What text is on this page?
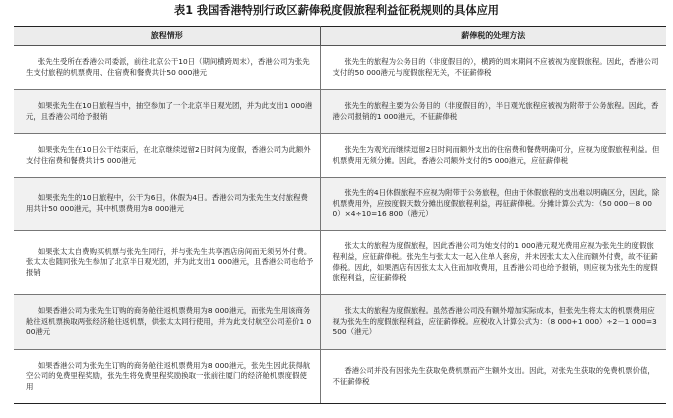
表1 我国香港特别行政区薪俸税度假旅程利益征税规则的具体应用
旅程情形	薪俸税的处理方法

张先生受所在香港公司委派，前往北京公干10日（期间横跨周末），香港公司为张先生支付旅程的机票费用、住宿费和餐费共计50 000港元	张先生的旅程为公务目的（非度假目的），横跨的周末期间不应被视为度假旅程。因此，香港公司支付的50 000港元与度假旅程无关，不征薪俸税

如果张先生在10日旅程当中，抽空参加了一个北京半日观光团，并为此支出1 000港元，且香港公司给予报销	张先生的旅程主要为公务目的（非度假目的），半日观光旅程应被视为附带于公务旅程。因此，香港公司报销的1 000港元，不征薪俸税

如果张先生在10日公干结束后，在北京继续逗留2日时间为度假，香港公司为此额外支付住宿费和餐费共计5 000港元	张先生为观光而继续逗留2日时间而额外支出的住宿费和餐费明确可分，应视为度假旅程利益。但机票费用无须分摊。因此，香港公司额外支付的5 000港元，应征薪俸税

如果张先生的10日旅程中，公干为6日，休假为4日。香港公司为张先生支付旅程费用共计50 000港元，其中机票费用为8 000港元	张先生的4日休假旅程不应视为附带于公务旅程，但由于休假旅程的支出难以明确区分，因此，除机票费用外，应按度假天数分摊出度假旅程利益，再征薪俸税。分摊计算公式为：（50 000－8 000）×4÷10=16 800（港元）

如果张太太自费购买机票与张先生同行，并与张先生共享酒店房间而无须另外付费。张太太也随同张先生参加了北京半日观光团，并为此支出1 000港元，且香港公司也给予报销	张太太的旅程为度假旅程，因此香港公司为她支付的1 000港元观光费用应视为张先生的度假旅程利益，应征薪俸税。张先生与张太太一起入住单人套房，并未因张太太入住而额外付费，故不征薪俸税。因此，如果酒店有因张太太入住而加收费用，且香港公司也给予报销，则应视为张先生的度假旅程利益，应征薪俸税

如果香港公司为张先生订购的商务舱往返机票费用为8 000港元，而张先生用该商务舱往返机票换取两张经济舱往返机票，供张太太同行使用，并为此支付航空公司差价1 000港元	张太太的旅程为度假旅程。虽然香港公司没有额外增加实际成本，但张先生将太太的机票费用应视为张先生的度假旅程利益，应征薪俸税。应税收入计算公式为：（8 000+1 000）÷2－1 000=3 500（港元）

如果香港公司为张先生订购的商务舱往返机票费用为8 000港元，张先生因此获得航空公司的免费里程奖励，张先生将免费里程奖励换取一张前往厦门的经济舱机票度假使用	香港公司并没有因张先生获取免费机票而产生额外支出。因此，对张先生获取的免费机票价值，不征薪俸税
